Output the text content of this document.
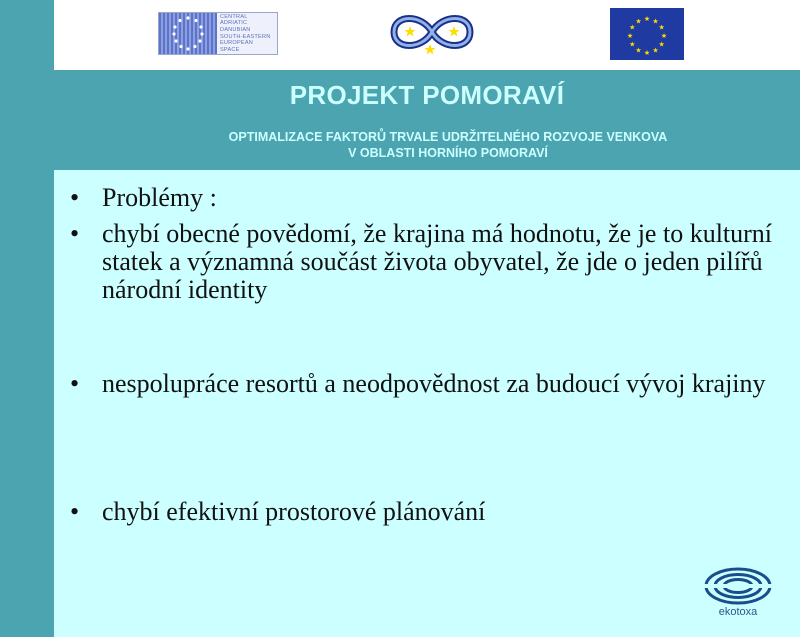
CENTRAL
ADRIATIC
DANUBIAN
SOUTH-EASTERN
EUROPEAN
SPACE
★ ★
★
★
★
★
★
★
★
★
★
★
PROJEKT POMORAVÍ
OPTIMALIZACE FAKTORŮ TRVALE UDRŽITELNÉHO ROZVOJE VENKOVA
V OBLASTI HORNÍHO POMORAVÍ
• Problémy :
• chybí obecné povědomí, že krajina má hodnotu, že je to kulturní statek a významná součást života obyvatel, že jde o jeden pilířů národní identity
• nespolupráce resortů a neodpovědnost za budoucí vývoj krajiny
• chybí efektivní prostorové plánování
ekotoxa
